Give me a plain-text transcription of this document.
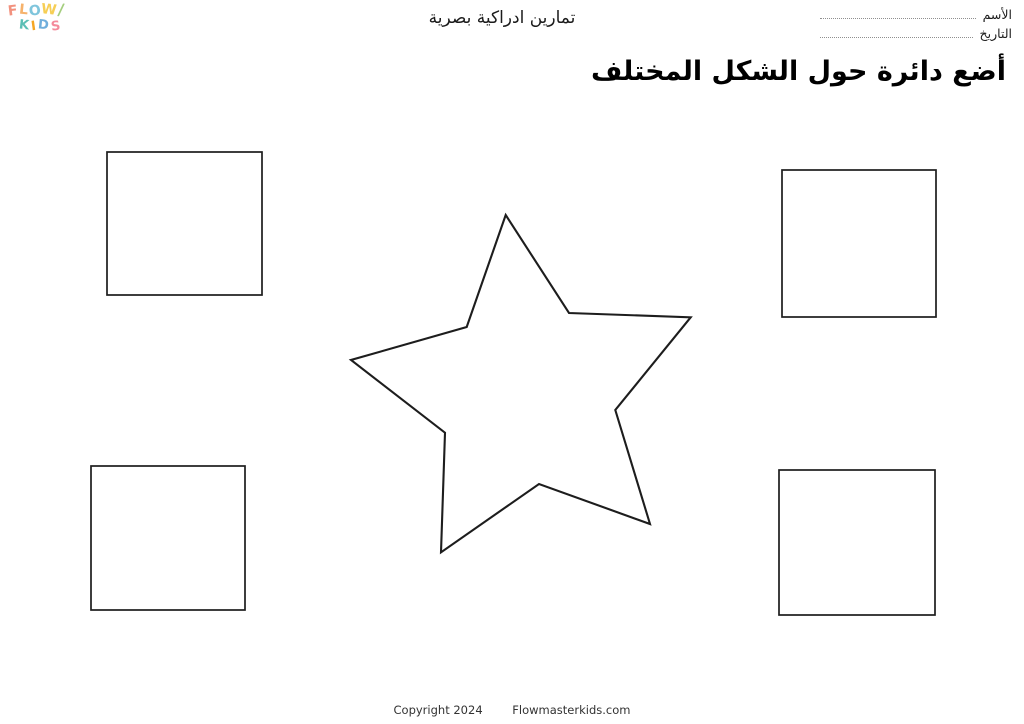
FLOW/
KIDS	تمارين ادراكية بصرية	الأسم
التاريخ
أضع دائرة حول الشكل المختلف
Copyright 2024	Flowmasterkids.com
